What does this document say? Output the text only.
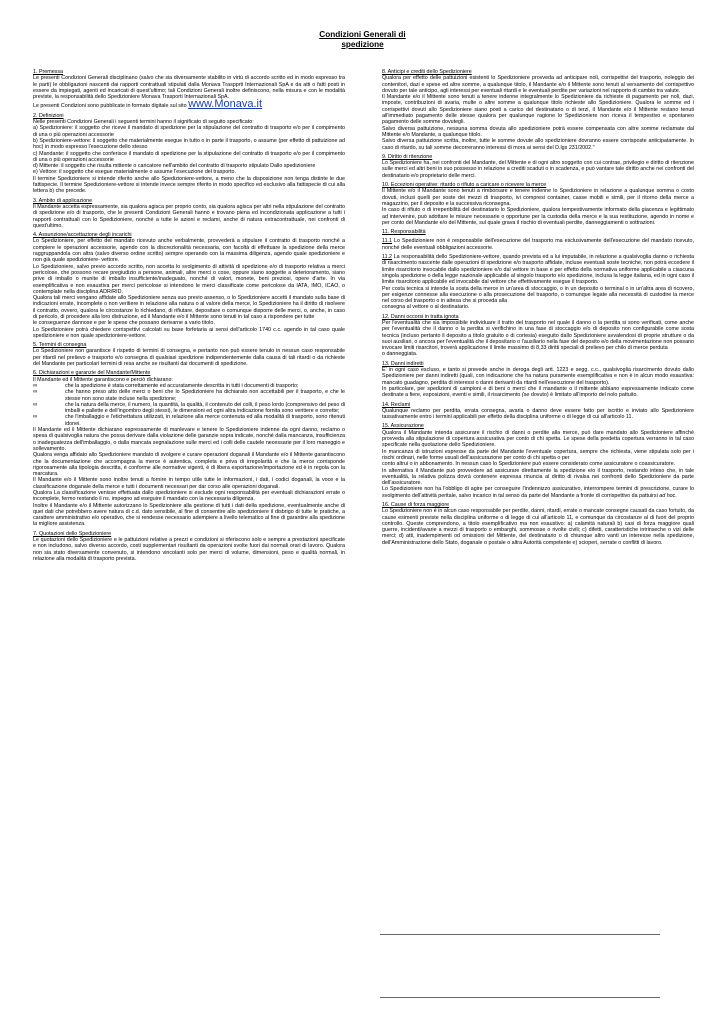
Condizioni Generali di
spedizione
1. Premessa

Le presenti Condizioni Generali disciplinano (salvo che sia diversamente stabilito in virtù di accordo scritto ed in modo espresso tra le parti) le obbligazioni nascenti dai rapporti contrattuali stipulati dalla Monava Traspprti Internazionali SpA e da atti o fatti posti in essere da impiegati, agenti ed incaricati di quest'ultimo; tali Condizioni Generali inoltre definiscono, nella misura e con le modalità previste, la responsabilità dello Spedizioniere Monava Trasporti Internazionali SpA.

Le presenti Condizioni sono pubblicate in formato digitale sul sito www.Monava.it

2. Definizioni

Nelle presenti Condizioni Generali i seguenti termini hanno il significato di seguito specificato:

a) Spedizioniere: il soggetto che riceve il mandato di spedizione per la stipulazione del contratto di trasporto e/o per il compimento di una o più operazioni accessorie

b) Spedizioniere-vettore: il soggetto che materialmente esegue in tutto o in parte il trasporto, o assume (per effetto di pattuizione ad hoc) in modo espresso l'esecuzione dello stesso

c) Mandante: il soggetto che conferisce il mandato di spedizione per la stipulazione del contratto di trasporto e/o per il compimento di una o più operazioni accessorie

d) Mittente: il soggetto che risulta mittente o caricatore nell'ambito del contratto di trasporto stipulato Dallo spedizioniere

e) Vettore: il soggetto che esegue materialmente o assume l'esecuzione del trasporto.

Il termine Spedizioniere si intende riferito anche allo Spedizioniere-vettore, a meno che la disposizione non tenga distinte le due fattispecie. Il termine Spedizioniere-vettore si intende invece sempre riferito in modo specifico ed esclusivo alla fattispecie di cui alla lettera b) che precede.

3. Ambito di applicazione

Il Mandante accetta espressamente, sia qualora agisca per proprio conto, sia qualora agisca per altri nella stipulazione del contratto di spedizione e/o di trasporto, che le presenti Condizioni Generali hanno e trovano piena ed incondizionata applicazione a tutti i rapporti contrattuali con lo Spedizioniere, nonché a tutte le azioni e reclami, anche di natura extracontrattuale, nei confronti di quest'ultimo.

4. Assunzione/accettazione degli incarichi

Lo Spedizioniere, per effetto del mandato ricevuto anche verbalmente, provvederà a stipulare il contratto di trasporto nonché a compiere le operazioni accessorie, agendo con la discrezionalità necessaria, con facoltà di effettuare la spedizione della merce raggruppandola con altra (salvo diverso ordine scritto) sempre operando con la massima diligenza, agendo quale spedizioniere e non già quale spedizioniere- vettore.

Lo Spedizioniere, salvo previo accordo scritto, non accetta lo svolgimento di attività di spedizione e/o di trasporto relativa a merci pericolose, che possono recare pregiudizio a persone, animali, altre merci o cose, oppure siano soggette a deterioramento, siano prive di imballo o munite di imballo insufficiente/inadeguato, nonché di valori, monete, beni preziosi, opere d'arte. In via esemplificativa e non esaustiva per merci pericolose si intendono le merci classificate come pericolose da IATA, IMO, ICAO, o contemplate nella disciplina ADR/RID.

Qualora tali merci vengano affidate allo Spedizioniere senza suo previo assenso, o lo Spedizioniere accetti il mandato sulla base di indicazioni errate, incomplete o non veritiere in relazione alla natura o al valore della merce, lo Spedizioniere ha il diritto di risolvere il contratto, ovvero, qualora le circostanze lo richiedano, di rifiutare, depositare o comunque disporre delle merci, o, anche, in caso di pericolo, di procedere alla loro distruzione, ed il Mandante e/o il Mittente sono tenuti in tal caso a rispondere per tutte

le conseguenze dannose e per le spese che possano derivarne a vario titolo.

Lo Spedizioniere potrà chiedere corrispettivi calcolati su base forfetaria ai sensi dell'articolo 1740 c.c. agendo in tal caso quale spedizioniere e non quale spedizioniere-vettore.

5. Termini di consegna

Lo Spedizioniere non garantisce il rispetto di termini di consegna, e pertanto non può essere tenuto in nessun caso responsabile per ritardi nel prelievo e trasporto e/o consegna di qualsiasi spedizione indipendentemente dalla causa di tali ritardi o da richieste del Mandante per particolari termini di resa anche se risultanti dai documenti di spedizione.

6. Dichiarazioni e garanzie del Mandante/Mittente

Il Mandante ed il Mittente garantiscono e perciò dichiarano:

∞	che la spedizione è stata correttamente ed accuratamente descritta in tutti i documenti di trasporto;
∞	che hanno preso atto delle merci o beni che lo Spedizioniere ha dichiarato non accettabili per il trasporto, e che le stesse non sono state incluse nella spedizione;
∞	che la natura della merce, il numero, la quantità, la qualità, il contenuto dei colli, il peso lordo (comprensivo del peso di imballi e pallette e dell'ingombro degli stessi), le dimensioni ed ogni altra indicazione fornita sono veritiere e corrette;
∞	che l'imballaggio e l'etichettatura utilizzati, in relazione alla merce contenuta ed alla modalità di trasporto, sono ritenuti idonei.

Il Mandante ed il Mittente dichiarano espressamente di manlevare e tenere lo Spedizioniere indenne da ogni danno, reclamo o spesa di qualsivoglia natura che possa derivare dalla violazione delle garanzie sopra indicate, nonché dalla mancanza, insufficienza o inadeguatezza dell'imballaggio, o dalla mancata segnalazione sulle merci ed i colli delle cautele necessarie per il loro maneggio e sollevamento.

Qualora venga affidato allo Spedizioniere mandato di svolgere e curare operazioni doganali il Mandante e/o il Mittente garantiscono che la documentazione che accompagna la merce è autentica, completa e priva di irregolarità e che la merce corrisponde rigorosamente alla tipologia descritta, è conforme alle normative vigenti, è di libera esportazione/importazione ed è in regola con la marcatura.

Il Mandante e/o il Mittente sono inoltre tenuti a fornire in tempo utile tutte le informazioni, i dati, i codici doganali, la voce e la classificazione doganale della merce e tutti i documenti necessari per dar corso alle operazioni doganali.

Qualora La classificazione venisse effettuata dallo spedizioniere si esclude ogni responsabilità per eventuali dichiarazioni errate o incomplete, fermo restando il ns. impegno ad eseguire il mandato con la necessaria diligenza.

Inoltre il Mandante e/o il Mittente autorizzano lo Spedizioniere alla gestione di tutti i dati della spedizione, eventualmente anche di quei dati che potrebbero avere natura di c.d. dato sensibile, al fine di consentire allo spedizioniere il disbrigo di tutte le pratiche, a carattere amministrativo e/o operativo, che si rendesse necessario adempiere a livello telematico al fine di garantire alla spedizione la migliore assistenza.

7. Quotazioni dello Spedizioniere

Le quotazioni dello Spedizioniere e le pattuizioni relative a prezzi e condizioni si riferiscono solo e sempre a prestazioni specificate e non includono, salvo diverso accordo, costi supplementari risultanti da operazioni svolte fuori dai normali orari di lavoro. Qualora non sia stato diversamente convenuto, si intendono vincolanti solo per merci di volume, dimensioni, peso e qualità normali, in relazione alla modalità di trasporto prevista.

8. Anticipi e crediti dello Spedizioniere

Qualora per effetto delle pattuizioni esistenti lo Spedizioniere provveda ad anticipare noli, corrispettivi del trasporto, noleggio dei contenitori, dazi e spese ed altre somme, a qualunque titolo, il Mandante e/o il Mittente sono tenuti al versamento del corrispettivo dovuto per tale anticipo, agli interessi per eventuali ritardi e le eventuali perdite per variazioni nel rapporto di cambio tra valute.

Il Mandante e/o il Mittente sono tenuti a tenere indenne integralmente lo Spedizioniere da richieste di pagamento per noli, dazi, imposte, contribuzioni di avaria, multe o altre somme a qualunque titolo richieste allo Spedizioniere. Qualora le somme ed i corrispettivi dovuti allo Spedizioniere siano posti a carico del destinatario o di terzi, il Mandante e/o il Mittente restano tenuti all'immediato pagamento delle stesse qualora per qualunque ragione lo Spedizioniere non riceva il tempestivo e spontaneo pagamento delle somme dovutegli.

Salvo diversa pattuizione, nessuna somma dovuta allo spedizioniere potrà essere compensata con altre somme reclamate dal Mittente e/o Mandante, a qualunque titolo.

Salvo diversa pattuizione scritta, inoltre, tutte le somme dovute allo spedizioniere dovranno essere corrisposte anticipatamente. In caso di ritardo, su tali somme decorreranno interessi di mora ai sensi del D.lgs 231/2002."

9. Diritto di ritenzione

Lo Spedizioniere ha, nei confronti del Mandante, del Mittente e di ogni altro soggetto con cui contrae, privilegio e diritto di ritenzione sulle merci ed altri beni in suo possesso in relazione a crediti scaduti o in scadenza, e può vantare tale diritto anche nei confronti del destinatario e/o proprietario delle merci.

10. Eccezioni operative: ritardo o rifiuto a caricare o ricevere la merce

Il Mittente e/o il Mandante sono tenuti a rimborsare e tenere indenne lo Spedizioniere in relazione a qualunque somma o costo dovuti, inclusi quelli per soste dei mezzi di trasporto, ivi compresi container, casse mobili e simili, per il ritorno della merce a magazzino, per il deposito e la successiva riconsegna.

In caso di rifiuto o di irreperibilità del destinatario lo Spedizioniere, qualora tempestivamente informato della giacenza e legittimato ad intervenire, può adottare le misure necessarie o opportune per la custodia della merce e la sua restituzione, agendo in nome e per conto del Mandante e/o del Mittente, sul quale grava il rischio di eventuali perdite, danneggiamenti o sottrazioni.

11. Responsabilità

11.1 Lo Spedizioniere non è responsabile dell'esecuzione del trasporto ma esclusivamente dell'esecuzione del mandato ricevuto, nonché delle eventuali obbligazioni accessorie.

11.2 La responsabilità dello Spedizioniere-vettore, quando prevista ed a lui imputabile, in relazione a qualsivoglia danno o richiesta di risarcimento nascente dalle operazioni di spedizione e/o trasporto affidate, incluse eventuali soste tecniche, non potrà eccedere il limite risarcitorio invocabile dallo spedizioniere e/o dal vettore in base e per effetto della normativa uniforme applicabile a ciascuna singola spedizione o della legge nazionale applicabile al singolo trasporto e/o spedizione, inclusa la legge italiana, ed in ogni caso il limite risarcitorio applicabile ed invocabile dal vettore che effettivamente esegue il trasporto.

Per costa tecnica si intende la sosta della merce in un'area di stoccaggio, o in un deposito o terminal o in un'altra area di ricovero, per esigenze connesse alla esecuzione o alla prosecuzione del trasporto, o comunque legate alla necessità di custodire la merce nel corso del trasporto o in attesa che si proceda alla

consegna al vettore o al destinatario.

12. Danni occorsi in tratta ignota

Per l'eventualità che sia impossibile individuare il tratto del trasporto nel quale il danno o la perdita si sono verificati, come anche per l'eventualità che il danno o la perdita si verifichino in una fase di stoccaggio e/o di deposito non configurabile come sosta tecnica (incluso pertanto il deposito a titolo gratuito o di cortesia) eseguito dallo Spedizioniere avvalendosi di proprie strutture o da suoi ausiliari, o ancora per l'eventualità che il depositario o l'ausiliario nella fase del deposito e/o della movimentazione non possano invocare limiti risarcitori, troverà applicazione il limite massimo di 8,33 diritti speciali di prelievo per chilo di merce perduta

o danneggiata.

13. Danni indiretti

E' in ogni caso escluso, e tanto si prevede anche in deroga degli artt. 1223 e segg. c.c., qualsivoglia risarcimento dovuto dallo Spedizioniere per danni indiretti (quali, con indicazione che ha natura puramente esemplificativa e non è in alcun modo esaustiva: mancato guadagno, perdita di interessi o danni derivanti da ritardi nell'esecuzione del trasporto).

In particolare, per spedizioni di campioni e di beni o merci che il mandante o il mittente abbiano espressamente indicato come destinate a fiere, esposizioni, eventi e simili, il risarcimento (se dovuto) è limitato all'importo del nolo pattuito.

14. Reclami

Qualunque reclamo per perdita, errata consegna, avaria o danno deve essere fatto per iscritto e inviato allo Spedizioniere tassativamente entro i termini applicabili per effetto della disciplina uniforme o di legge di cui all'articolo 11.

15. Assicurazione

Qualora il Mandante intenda assicurare il rischio di danni o perdite alla merce, può dare mandato allo Spedizioniere affinché provveda alla stipulazione di copertura assicurativa per conto di chi spetta. Le spese della predetta copertura verranno in tal caso specificate nella quotazione dello Spedizioniere.

In mancanza di istruzioni espresse da parte del Mandante l'eventuale copertura, sempre che richiesta, viene stipulata solo per i rischi ordinari, nelle forme usuali dell'assicurazione per conto di chi spetta o per

conto altrui o in abbonamento. In nessun caso lo Spedizioniere può essere considerato come assicuratore o coassicuratore.

In alternativa il Mandante può provvedere ad assicurare direttamente la spedizione e/o il trasporto, restando inteso che, in tale eventualità, la relativa polizza dovrà contenere espressa rinuncia al diritto di rivalsa nei confronti dello Spedizioniere da parte dell'assicuratore.

Lo Spedizioniere non ha l'obbligo di agire per conseguire l'indennizzo assicurativo, interrompere termini di prescrizione, curare lo svolgimento dell'attività peritale, salvo incarico in tal senso da parte del Mandante a fronte di corrispettivo da pattuirsi ad hoc.

16. Cause di forza maggiore

Lo Spedizioniere non è in alcun caso responsabile per perdite, danni, ritardi, errate o mancate consegne causati da caso fortuito, da cause esimenti previste nella disciplina uniforme o di legge di cui all'articolo 11, e comunque da circostanze al di fuori del proprio controllo. Queste comprendono, a titolo esemplificativo ma non esaustivo: a) calamità naturali b) casi di forza maggiore quali guerre, incidenti/avarie a mezzi di trasporto o embarghi, sommosse o rivolte civili; c) difetti, caratteristiche intrinseche o vizi delle merci; d) atti, inadempimenti od omissioni del Mittente, del destinatario o di chiunque altro vanti un interesse nella spedizione, dell'Amministrazione dello Stato, doganale o postale o altra Autorità competente e) scioperi, serrate o conflitti di lavoro.
